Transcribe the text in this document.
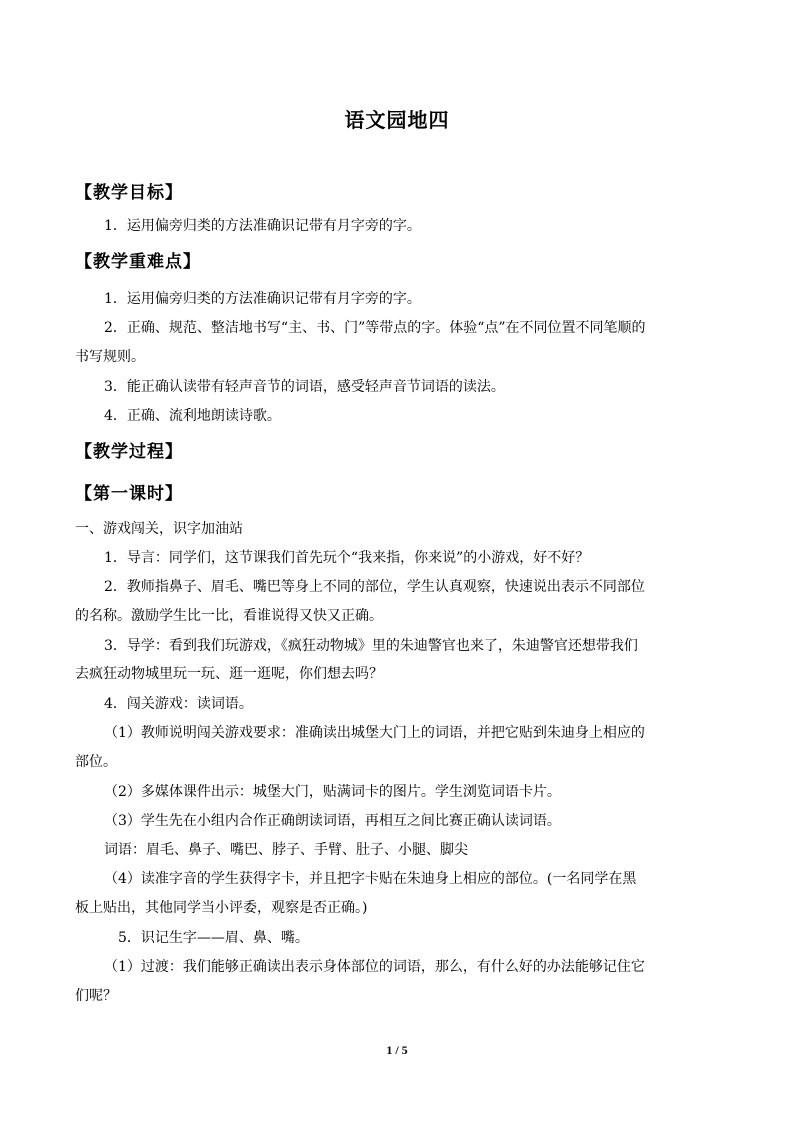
语文园地四
【教学目标】
1．运用偏旁归类的方法准确识记带有月字旁的字。
【教学重难点】
1．运用偏旁归类的方法准确识记带有月字旁的字。
2．正确、规范、整洁地书写“主、书、门”等带点的字。体验“点”在不同位置不同笔顺的
书写规则。
3．能正确认读带有轻声音节的词语，感受轻声音节词语的读法。
4．正确、流利地朗读诗歌。
【教学过程】
【第一课时】
一、游戏闯关，识字加油站
1．导言：同学们，这节课我们首先玩个“我来指，你来说”的小游戏，好不好？
2．教师指鼻子、眉毛、嘴巴等身上不同的部位，学生认真观察，快速说出表示不同部位
的名称。激励学生比一比，看谁说得又快又正确。
3．导学：看到我们玩游戏，《疯狂动物城》里的朱迪警官也来了，朱迪警官还想带我们
去疯狂动物城里玩一玩、逛一逛呢，你们想去吗？
4．闯关游戏：读词语。
（1）教师说明闯关游戏要求：准确读出城堡大门上的词语，并把它贴到朱迪身上相应的
部位。
（2）多媒体课件出示：城堡大门，贴满词卡的图片。学生浏览词语卡片。
（3）学生先在小组内合作正确朗读词语，再相互之间比赛正确认读词语。
词语：眉毛、鼻子、嘴巴、脖子、手臂、肚子、小腿、脚尖
（4）读准字音的学生获得字卡，并且把字卡贴在朱迪身上相应的部位。(一名同学在黑
板上贴出，其他同学当小评委，观察是否正确。)
5．识记生字——眉、鼻、嘴。
（1）过渡：我们能够正确读出表示身体部位的词语，那么，有什么好的办法能够记住它
们呢？
1 / 5
